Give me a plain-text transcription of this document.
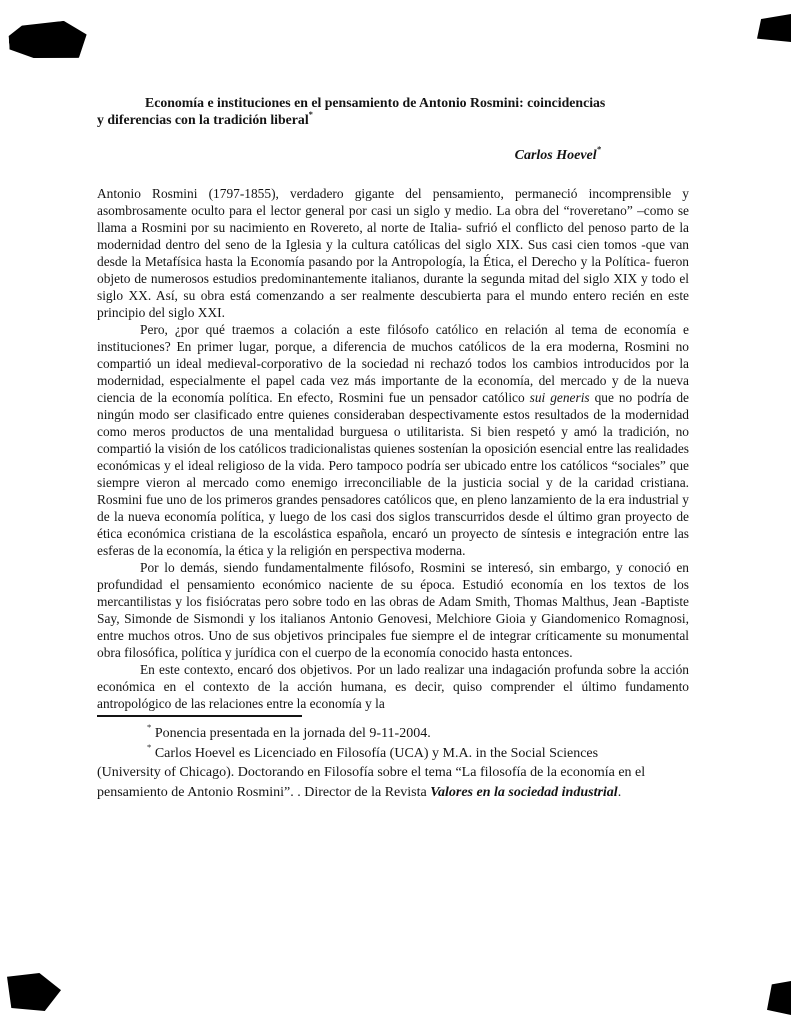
Economía e instituciones en el pensamiento de Antonio Rosmini: coincidencias
y diferencias con la tradición liberal*
Carlos Hoevel*

Antonio Rosmini (1797-1855), verdadero gigante del pensamiento, permaneció incomprensible y asombrosamente oculto para el lector general por casi un siglo y medio. La obra del “roveretano” –como se llama a Rosmini por su nacimiento en Rovereto, al norte de Italia- sufrió el conflicto del penoso parto de la modernidad dentro del seno de la Iglesia y la cultura católicas del siglo XIX. Sus casi cien tomos -que van desde la Metafísica hasta la Economía pasando por la Antropología, la Ética, el Derecho y la Política- fueron objeto de numerosos estudios predominantemente italianos, durante la segunda mitad del siglo XIX y todo el siglo XX. Así, su obra está comenzando a ser realmente descubierta para el mundo entero recién en este principio del siglo XXI.

Pero, ¿por qué traemos a colación a este filósofo católico en relación al tema de economía e instituciones? En primer lugar, porque, a diferencia de muchos católicos de la era moderna, Rosmini no compartió un ideal medieval-corporativo de la sociedad ni rechazó todos los cambios introducidos por la modernidad, especialmente el papel cada vez más importante de la economía, del mercado y de la nueva ciencia de la economía política. En efecto, Rosmini fue un pensador católico sui generis que no podría de ningún modo ser clasificado entre quienes consideraban despectivamente estos resultados de la modernidad como meros productos de una mentalidad burguesa o utilitarista. Si bien respetó y amó la tradición, no compartió la visión de los católicos tradicionalistas quienes sostenían la oposición esencial entre las realidades económicas y el ideal religioso de la vida. Pero tampoco podría ser ubicado entre los católicos “sociales” que siempre vieron al mercado como enemigo irreconciliable de la justicia social y de la caridad cristiana. Rosmini fue uno de los primeros grandes pensadores católicos que, en pleno lanzamiento de la era industrial y de la nueva economía política, y luego de los casi dos siglos transcurridos desde el último gran proyecto de ética económica cristiana de la escolástica española, encaró un proyecto de síntesis e integración entre las esferas de la economía, la ética y la religión en perspectiva moderna.

Por lo demás, siendo fundamentalmente filósofo, Rosmini se interesó, sin embargo, y conoció en profundidad el pensamiento económico naciente de su época. Estudió economía en los textos de los mercantilistas y los fisiócratas pero sobre todo en las obras de Adam Smith, Thomas Malthus, Jean -Baptiste Say, Simonde de Sismondi y los italianos Antonio Genovesi, Melchiore Gioia y Giandomenico Romagnosi, entre muchos otros. Uno de sus objetivos principales fue siempre el de integrar críticamente su monumental obra filosófica, política y jurídica con el cuerpo de la economía conocido hasta entonces.

En este contexto, encaró dos objetivos. Por un lado realizar una indagación profunda sobre la acción económica en el contexto de la acción humana, es decir, quiso comprender el último fundamento antropológico de las relaciones entre la economía y la

* Ponencia presentada en la jornada del 9-11-2004.

* Carlos Hoevel es Licenciado en Filosofía (UCA) y M.A. in the Social Sciences (University of Chicago). Doctorando en Filosofía sobre el tema “La filosofía de la economía en el pensamiento de Antonio Rosmini”. . Director de la Revista Valores en la sociedad industrial.
